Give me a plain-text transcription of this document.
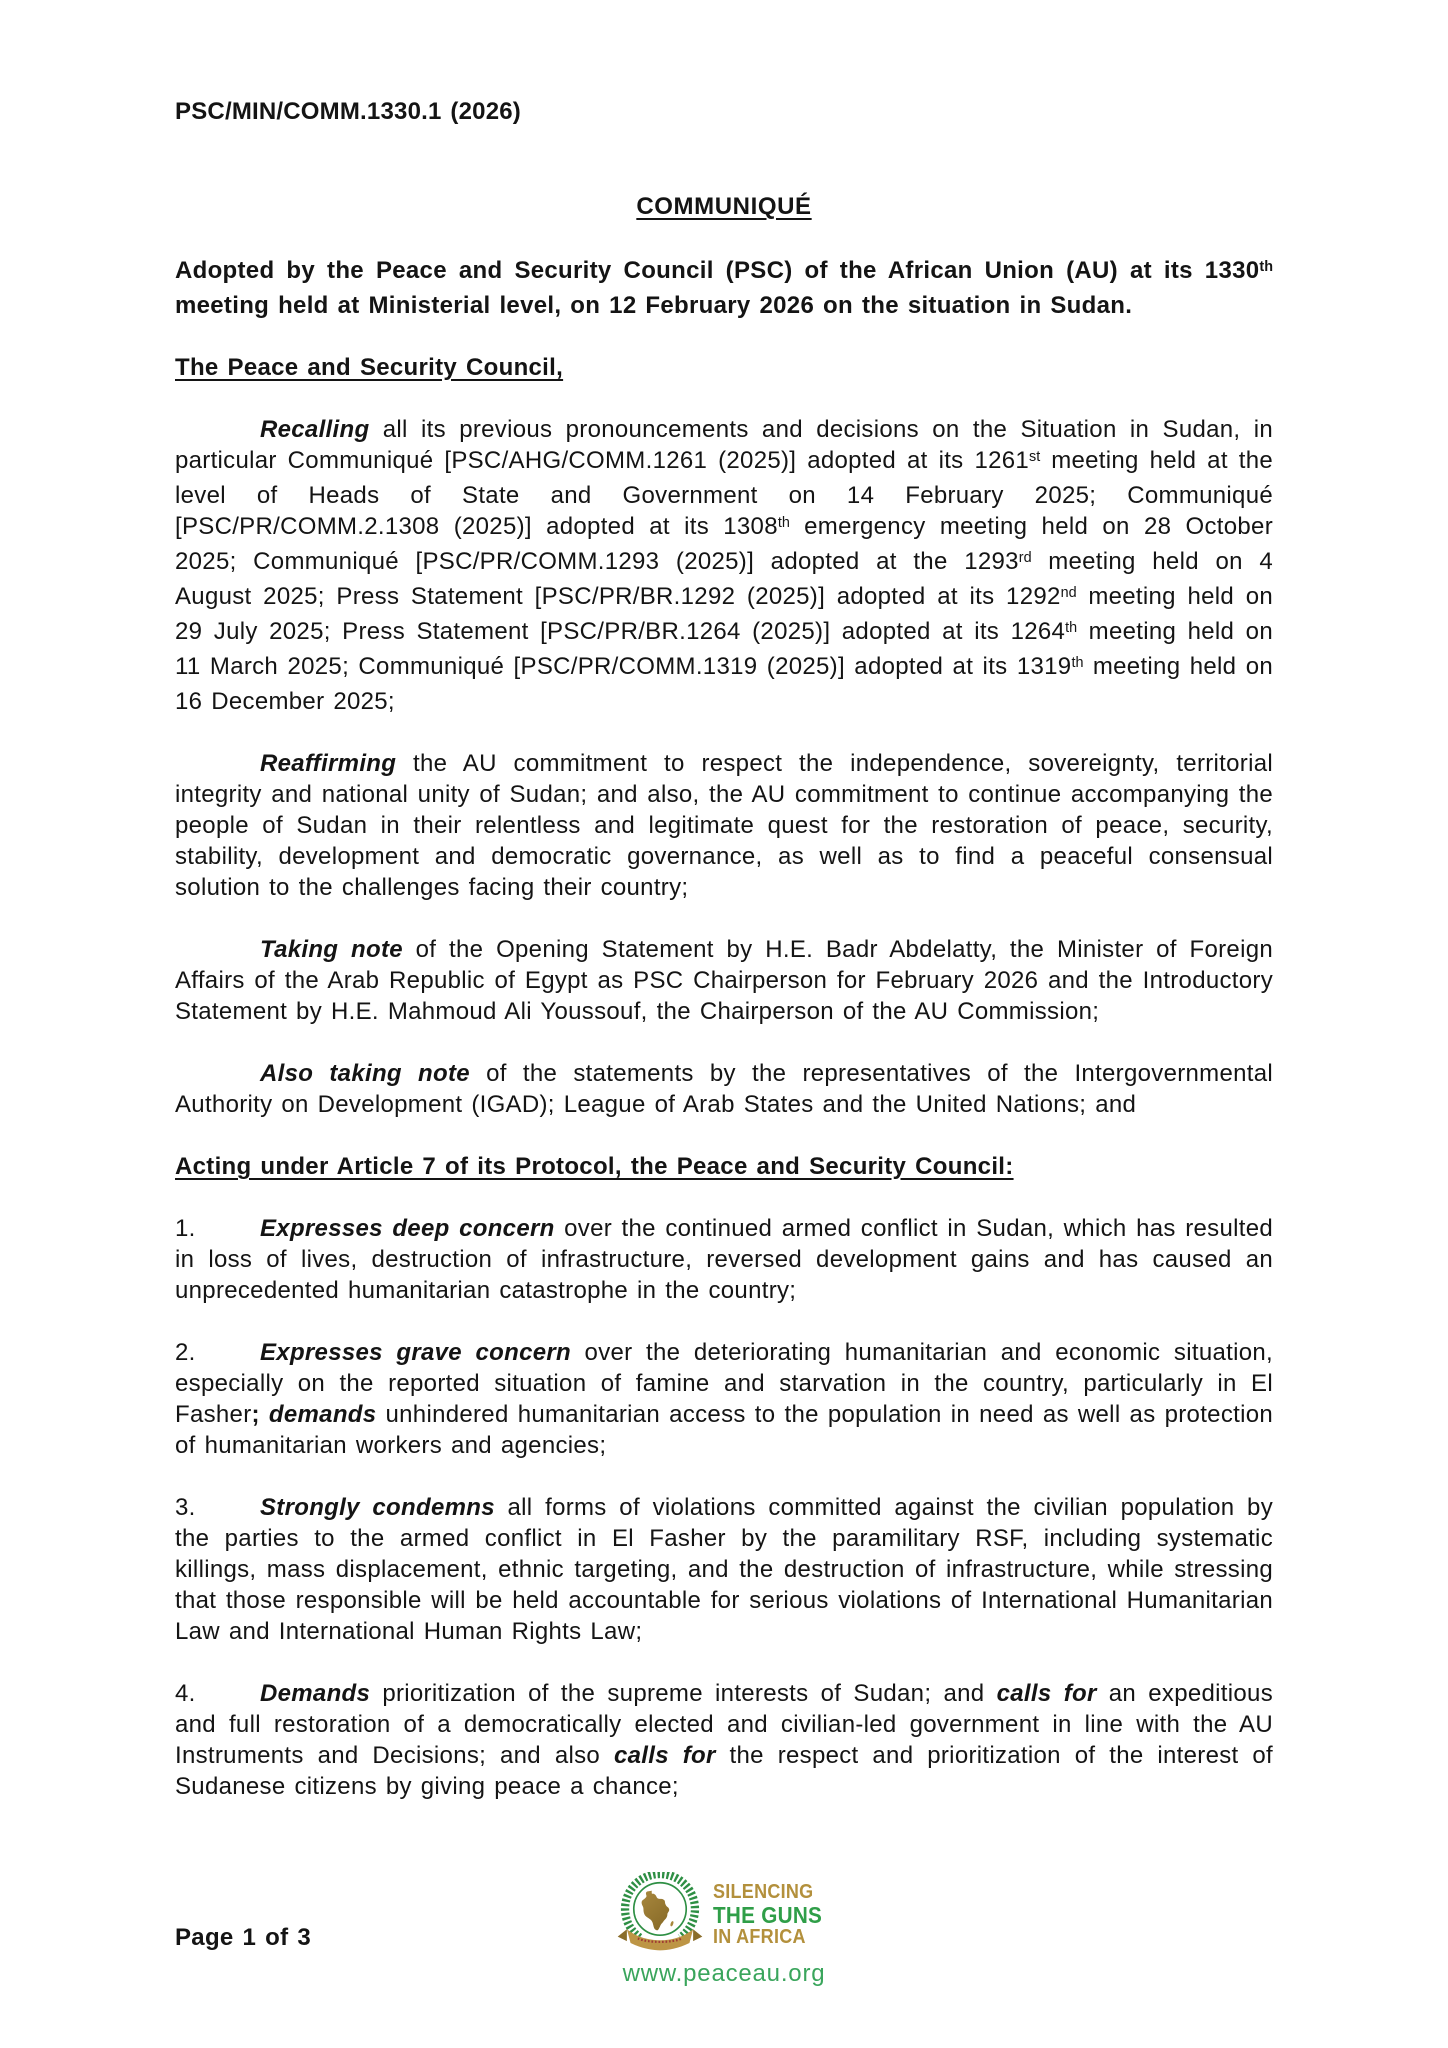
PSC/MIN/COMM.1330.1 (2026)
COMMUNIQUÉ

Adopted by the Peace and Security Council (PSC) of the African Union (AU) at its 1330th meeting held at Ministerial level, on 12 February 2026 on the situation in Sudan.

The Peace and Security Council,

Recalling all its previous pronouncements and decisions on the Situation in Sudan, in particular Communiqué [PSC/AHG/COMM.1261 (2025)] adopted at its 1261st meeting held at the level of Heads of State and Government on 14 February 2025; Communiqué [PSC/PR/COMM.2.1308 (2025)] adopted at its 1308th emergency meeting held on 28 October 2025; Communiqué [PSC/PR/COMM.1293 (2025)] adopted at the 1293rd meeting held on 4 August 2025; Press Statement [PSC/PR/BR.1292 (2025)] adopted at its 1292nd meeting held on 29 July 2025; Press Statement [PSC/PR/BR.1264 (2025)] adopted at its 1264th meeting held on 11 March 2025; Communiqué [PSC/PR/COMM.1319 (2025)] adopted at its 1319th meeting held on 16 December 2025;

Reaffirming the AU commitment to respect the independence, sovereignty, territorial integrity and national unity of Sudan; and also, the AU commitment to continue accompanying the people of Sudan in their relentless and legitimate quest for the restoration of peace, security, stability, development and democratic governance, as well as to find a peaceful consensual solution to the challenges facing their country;

Taking note of the Opening Statement by H.E. Badr Abdelatty, the Minister of Foreign Affairs of the Arab Republic of Egypt as PSC Chairperson for February 2026 and the Introductory Statement by H.E. Mahmoud Ali Youssouf, the Chairperson of the AU Commission;

Also taking note of the statements by the representatives of the Intergovernmental Authority on Development (IGAD); League of Arab States and the United Nations; and

Acting under Article 7 of its Protocol, the Peace and Security Council:

1.	Expresses deep concern over the continued armed conflict in Sudan, which has resulted in loss of lives, destruction of infrastructure, reversed development gains and has caused an unprecedented humanitarian catastrophe in the country;

2.	Expresses grave concern over the deteriorating humanitarian and economic situation, especially on the reported situation of famine and starvation in the country, particularly in El Fasher; demands unhindered humanitarian access to the population in need as well as protection of humanitarian workers and agencies;

3.	Strongly condemns all forms of violations committed against the civilian population by the parties to the armed conflict in El Fasher by the paramilitary RSF, including systematic killings, mass displacement, ethnic targeting, and the destruction of infrastructure, while stressing that those responsible will be held accountable for serious violations of International Humanitarian Law and International Human Rights Law;

4.	Demands prioritization of the supreme interests of Sudan; and calls for an expeditious and full restoration of a democratically elected and civilian-led government in line with the AU Instruments and Decisions; and also calls for the respect and prioritization of the interest of Sudanese citizens by giving peace a chance;

Page 1 of 3
SILENCING
THE GUNS
IN AFRICA
www.peaceau.org
